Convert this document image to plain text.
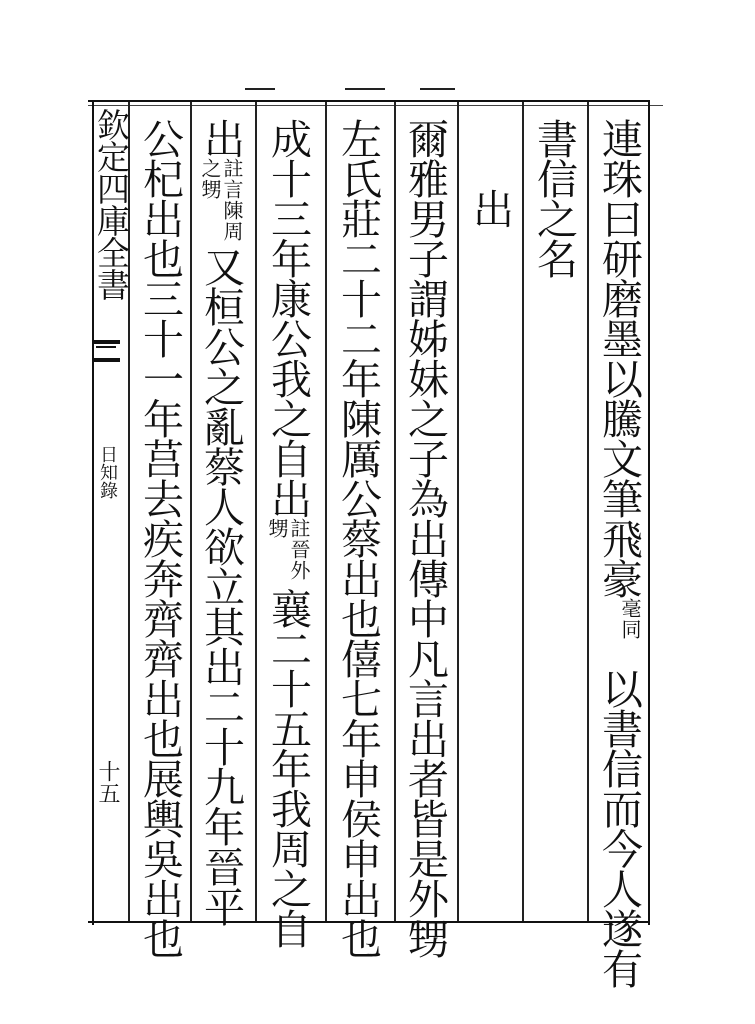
欽定四庫全書
日知錄
十五
連珠曰研磨墨以騰文筆飛豪毫同以書信而今人遂有
書信之名
出
爾雅男子謂姊妹之子為出傳中凡言出者皆是外甥
左氏莊二十二年陳厲公蔡出也僖七年申侯申出也
成十三年康公我之自出註晉外甥襄二十五年我周之自
出註言陳周之甥又桓公之亂蔡人欲立其出二十九年晉平
公杞出也三十一年莒去疾奔齊齊出也展輿吳出也
